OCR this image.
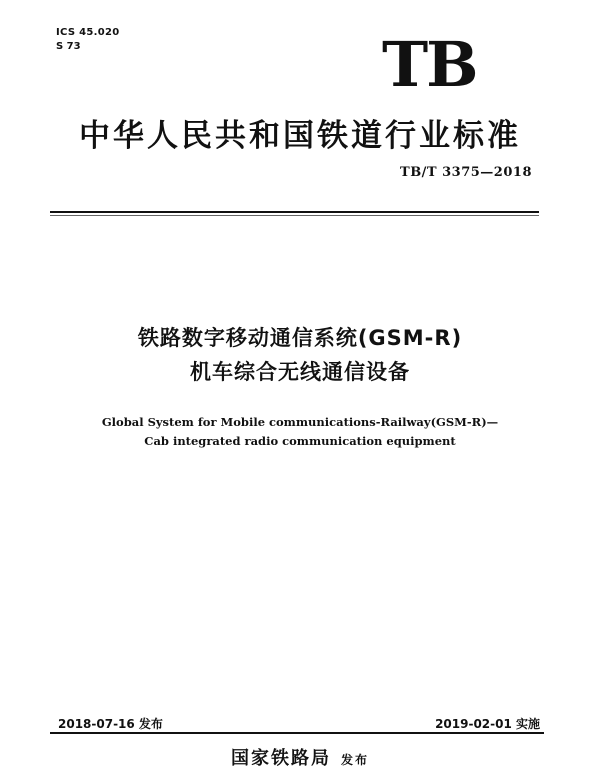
ICS 45.020
S 73	TB
中华人民共和国铁道行业标准
TB/T 3375—2018
铁路数字移动通信系统(GSM-R)
机车综合无线通信设备
Global System for Mobile communications-Railway(GSM-R)—
Cab integrated radio communication equipment
2018-07-16 发布	2019-02-01 实施
国家铁路局 发布
